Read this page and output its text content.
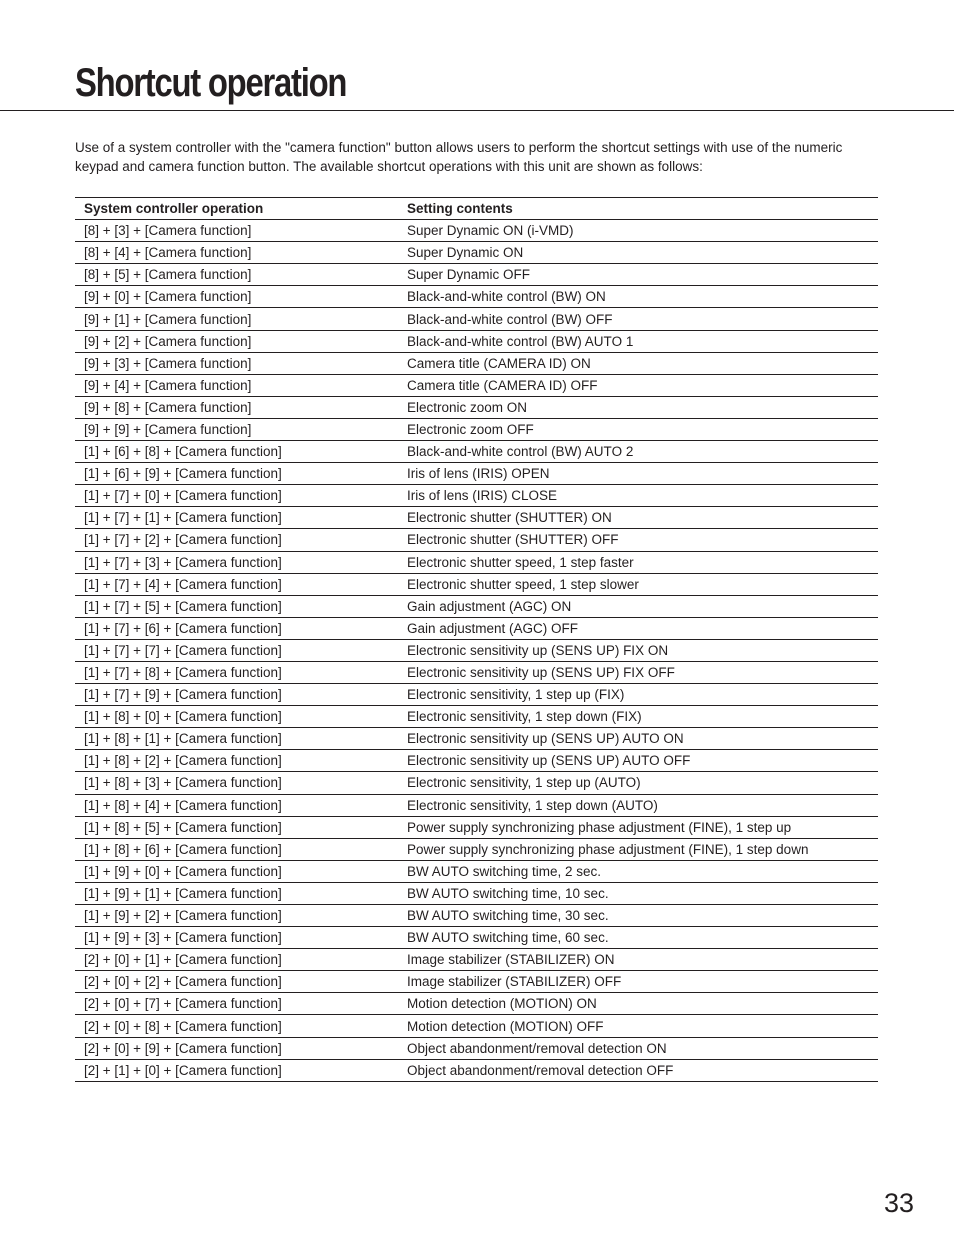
Shortcut operation

Use of a system controller with the "camera function" button allows users to perform the shortcut settings with use of the numeric keypad and camera function button. The available shortcut operations with this unit are shown as follows:

System controller operation	Setting contents
[8] + [3] + [Camera function]	Super Dynamic ON (i-VMD)
[8] + [4] + [Camera function]	Super Dynamic ON
[8] + [5] + [Camera function]	Super Dynamic OFF
[9] + [0] + [Camera function]	Black-and-white control (BW) ON
[9] + [1] + [Camera function]	Black-and-white control (BW) OFF
[9] + [2] + [Camera function]	Black-and-white control (BW) AUTO 1
[9] + [3] + [Camera function]	Camera title (CAMERA ID) ON
[9] + [4] + [Camera function]	Camera title (CAMERA ID) OFF
[9] + [8] + [Camera function]	Electronic zoom ON
[9] + [9] + [Camera function]	Electronic zoom OFF
[1] + [6] + [8] + [Camera function]	Black-and-white control (BW) AUTO 2
[1] + [6] + [9] + [Camera function]	Iris of lens (IRIS) OPEN
[1] + [7] + [0] + [Camera function]	Iris of lens (IRIS) CLOSE
[1] + [7] + [1] + [Camera function]	Electronic shutter (SHUTTER) ON
[1] + [7] + [2] + [Camera function]	Electronic shutter (SHUTTER) OFF
[1] + [7] + [3] + [Camera function]	Electronic shutter speed, 1 step faster
[1] + [7] + [4] + [Camera function]	Electronic shutter speed, 1 step slower
[1] + [7] + [5] + [Camera function]	Gain adjustment (AGC) ON
[1] + [7] + [6] + [Camera function]	Gain adjustment (AGC) OFF
[1] + [7] + [7] + [Camera function]	Electronic sensitivity up (SENS UP) FIX ON
[1] + [7] + [8] + [Camera function]	Electronic sensitivity up (SENS UP) FIX OFF
[1] + [7] + [9] + [Camera function]	Electronic sensitivity, 1 step up (FIX)
[1] + [8] + [0] + [Camera function]	Electronic sensitivity, 1 step down (FIX)
[1] + [8] + [1] + [Camera function]	Electronic sensitivity up (SENS UP) AUTO ON
[1] + [8] + [2] + [Camera function]	Electronic sensitivity up (SENS UP) AUTO OFF
[1] + [8] + [3] + [Camera function]	Electronic sensitivity, 1 step up (AUTO)
[1] + [8] + [4] + [Camera function]	Electronic sensitivity, 1 step down (AUTO)
[1] + [8] + [5] + [Camera function]	Power supply synchronizing phase adjustment (FINE), 1 step up
[1] + [8] + [6] + [Camera function]	Power supply synchronizing phase adjustment (FINE), 1 step down
[1] + [9] + [0] + [Camera function]	BW AUTO switching time, 2 sec.
[1] + [9] + [1] + [Camera function]	BW AUTO switching time, 10 sec.
[1] + [9] + [2] + [Camera function]	BW AUTO switching time, 30 sec.
[1] + [9] + [3] + [Camera function]	BW AUTO switching time, 60 sec.
[2] + [0] + [1] + [Camera function]	Image stabilizer (STABILIZER) ON
[2] + [0] + [2] + [Camera function]	Image stabilizer (STABILIZER) OFF
[2] + [0] + [7] + [Camera function]	Motion detection (MOTION) ON
[2] + [0] + [8] + [Camera function]	Motion detection (MOTION) OFF
[2] + [0] + [9] + [Camera function]	Object abandonment/removal detection ON
[2] + [1] + [0] + [Camera function]	Object abandonment/removal detection OFF
33
